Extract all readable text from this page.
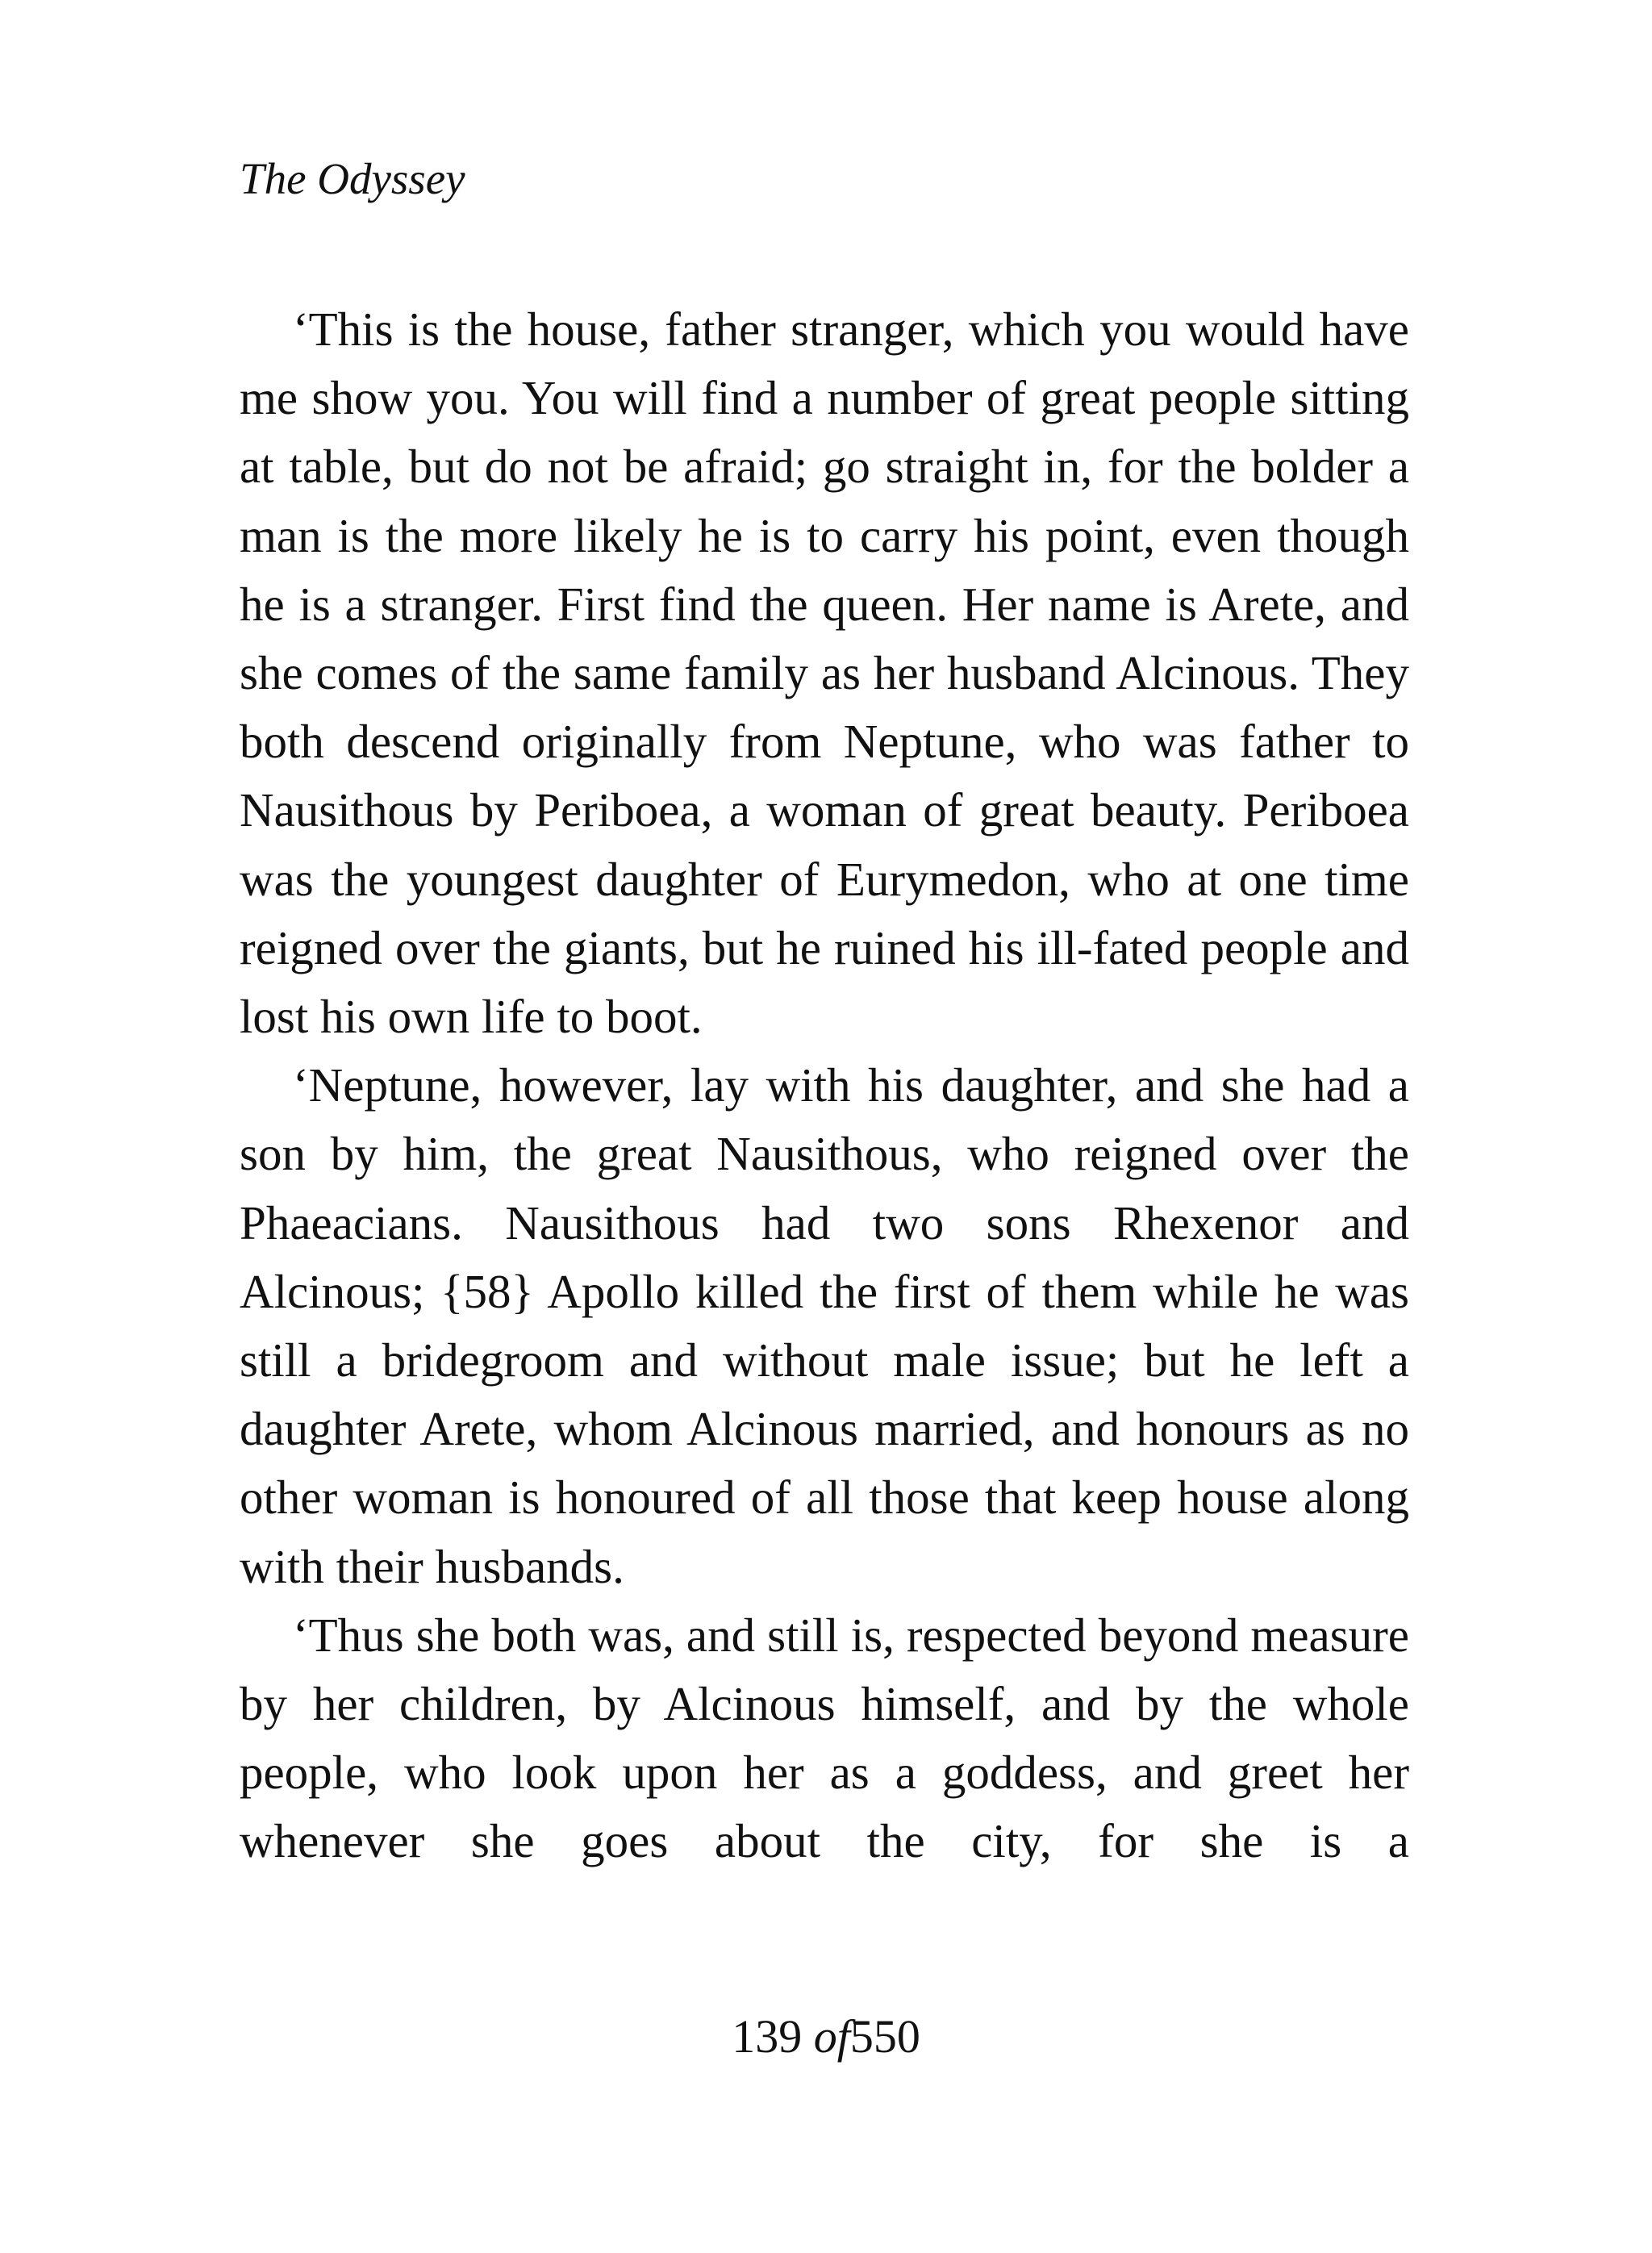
The Odyssey

‘This is the house, father stranger, which you would have me show you. You will find a number of great people sitting at table, but do not be afraid; go straight in, for the bolder a man is the more likely he is to carry his point, even though he is a stranger. First find the queen. Her name is Arete, and she comes of the same family as her husband Alcinous. They both descend originally from Neptune, who was father to Nausithous by Periboea, a woman of great beauty. Periboea was the youngest daughter of Eurymedon, who at one time reigned over the giants, but he ruined his ill-fated people and lost his own life to boot.

‘Neptune, however, lay with his daughter, and she had a son by him, the great Nausithous, who reigned over the Phaeacians. Nausithous had two sons Rhexenor and Alcinous; {58} Apollo killed the first of them while he was still a bridegroom and without male issue; but he left a daughter Arete, whom Alcinous married, and honours as no other woman is honoured of all those that keep house along with their husbands.

‘Thus she both was, and still is, respected beyond measure by her children, by Alcinous himself, and by the whole people, who look upon her as a goddess, and greet her whenever she goes about the city, for she is a

139 of550
